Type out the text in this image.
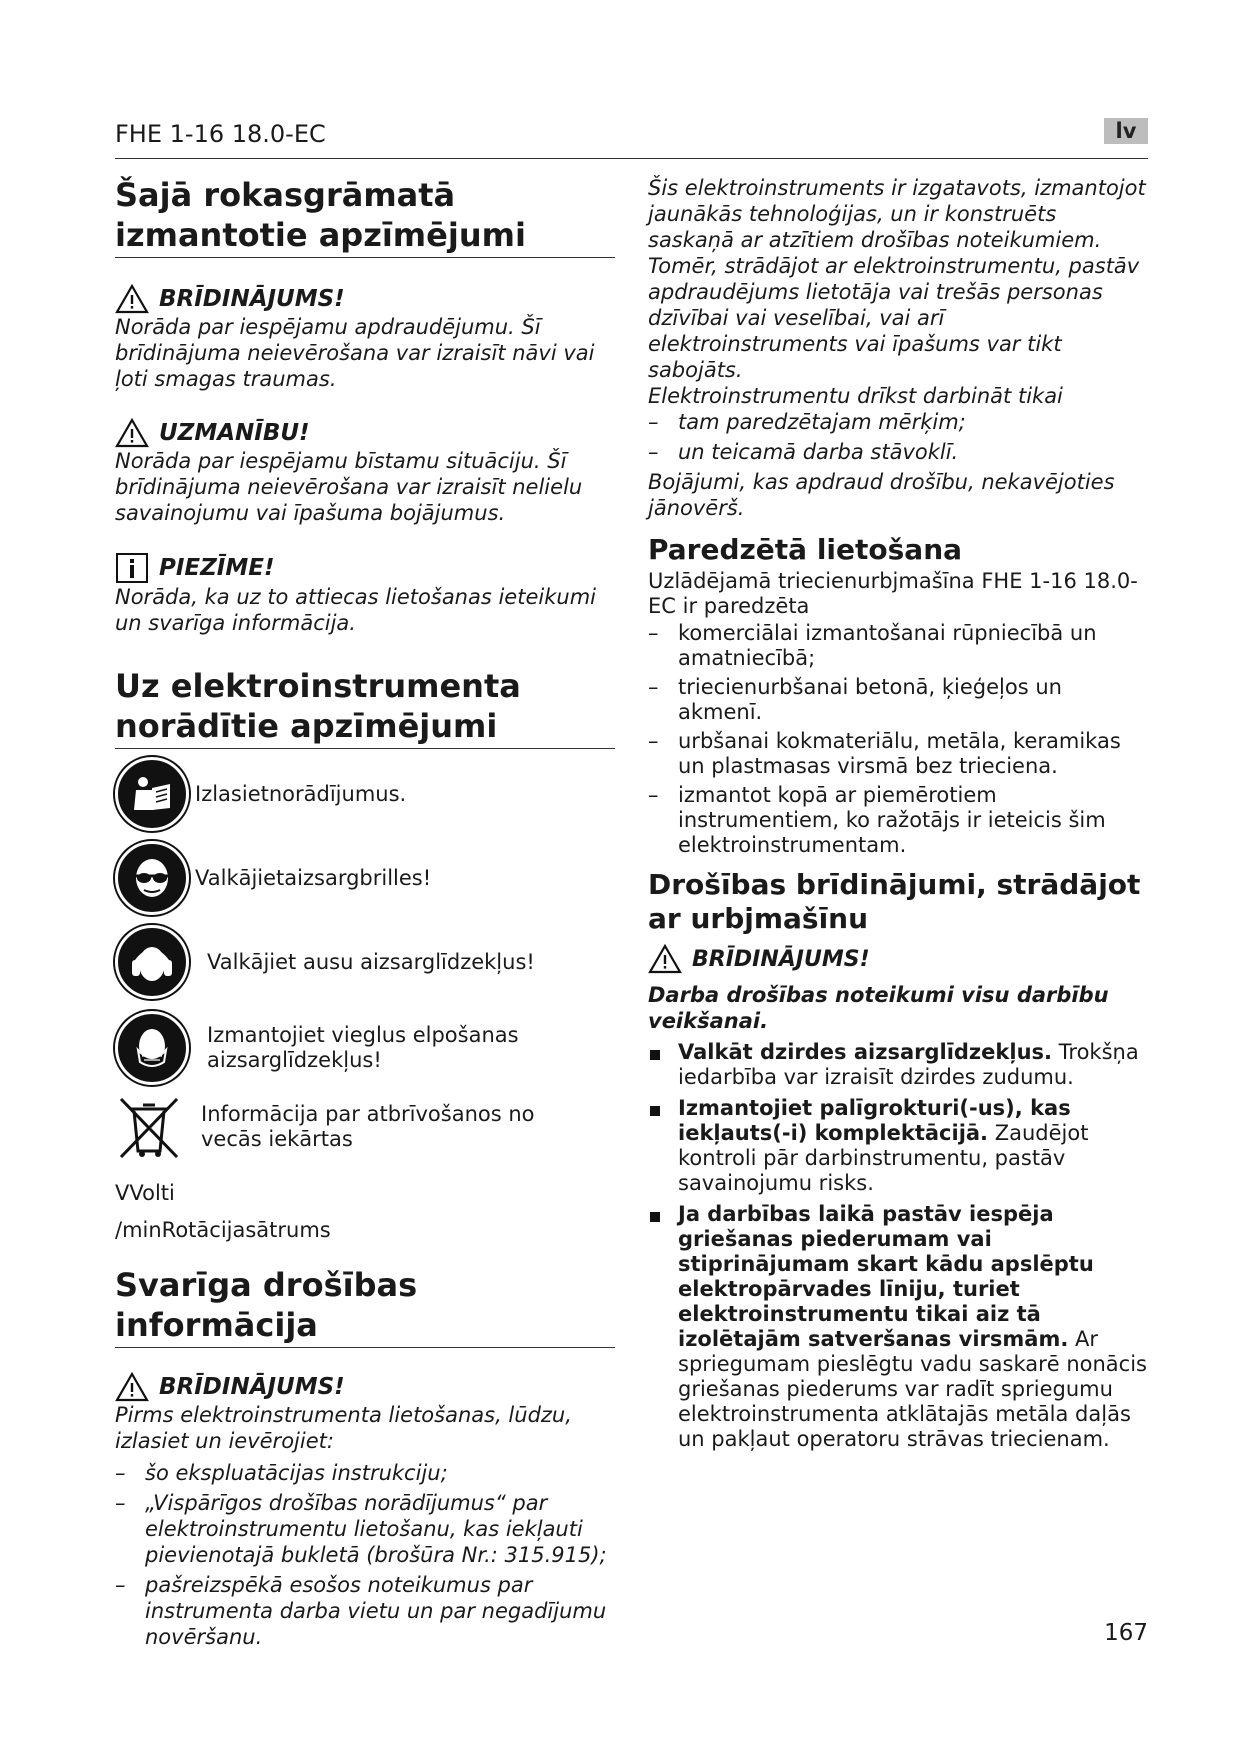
FHE 1-16 18.0-EC	lv
Šajā rokasgrāmatā izmantotie apzīmējumi
BRĪDINĀJUMS!
Norāda par iespējamu apdraudējumu. Šī brīdinājuma neievērošana var izraisīt nāvi vai ļoti smagas traumas.
UZMANĪBU!
Norāda par iespējamu bīstamu situāciju. Šī brīdinājuma neievērošana var izraisīt nelielu savainojumu vai īpašuma bojājumus.
PIEZĪME!
Norāda, ka uz to attiecas lietošanas ieteikumi un svarīga informācija.
Uz elektroinstrumenta norādītie apzīmējumi
Izlasietnorādījumus.
Valkājietaizsargbrilles!
Valkājiet ausu aizsarglīdzekļus!
Izmantojiet vieglus elpošanas aizsarglīdzekļus!
Informācija par atbrīvošanos no vecās iekārtas
VVolti
/minRotācijasātrums
Svarīga drošības informācija
BRĪDINĀJUMS!
Pirms elektroinstrumenta lietošanas, lūdzu, izlasiet un ievērojiet:
– šo ekspluatācijas instrukciju;
– „Vispārīgos drošības norādījumus“ par elektroinstrumentu lietošanu, kas iekļauti pievienotajā bukletā (brošūra Nr.: 315.915);
– pašreizspēkā esošos noteikumus par instrumenta darba vietu un par negadījumu novēršanu.
Šis elektroinstruments ir izgatavots, izmantojot jaunākās tehnoloģijas, un ir konstruēts saskaņā ar atzītiem drošības noteikumiem.
Tomēr, strādājot ar elektroinstrumentu, pastāv apdraudējums lietotāja vai trešās personas dzīvībai vai veselībai, vai arī elektroinstruments vai īpašums var tikt sabojāts.
Elektroinstrumentu drīkst darbināt tikai
– tam paredzētajam mērķim;
– un teicamā darba stāvoklī.
Bojājumi, kas apdraud drošību, nekavējoties jānovērš.
Paredzētā lietošana
Uzlādējamā triecienurbjmašīna FHE 1-16 18.0-EC ir paredzēta
– komerciālai izmantošanai rūpniecībā un amatniecībā;
– triecienurbšanai betonā, ķieģeļos un akmenī.
– urbšanai kokmateriālu, metāla, keramikas un plastmasas virsmā bez trieciena.
– izmantot kopā ar piemērotiem instrumentiem, ko ražotājs ir ieteicis šim elektroinstrumentam.
Drošības brīdinājumi, strādājot ar urbjmašīnu
BRĪDINĀJUMS!
Darba drošības noteikumi visu darbību veikšanai.
Valkāt dzirdes aizsarglīdzekļus. Trokšņa iedarbība var izraisīt dzirdes zudumu.
Izmantojiet palīgrokturi(-us), kas iekļauts(-i) komplektācijā. Zaudējot kontroli pār darbinstrumentu, pastāv savainojumu risks.
Ja darbības laikā pastāv iespēja griešanas piederumam vai stiprinājumam skart kādu apslēptu elektropārvades līniju, turiet elektroinstrumentu tikai aiz tā izolētajām satveršanas virsmām. Ar spriegumam pieslēgtu vadu saskarē nonācis griešanas piederums var radīt spriegumu elektroinstrumenta atklātajās metāla daļās un pakļaut operatoru strāvas triecienam.
167
